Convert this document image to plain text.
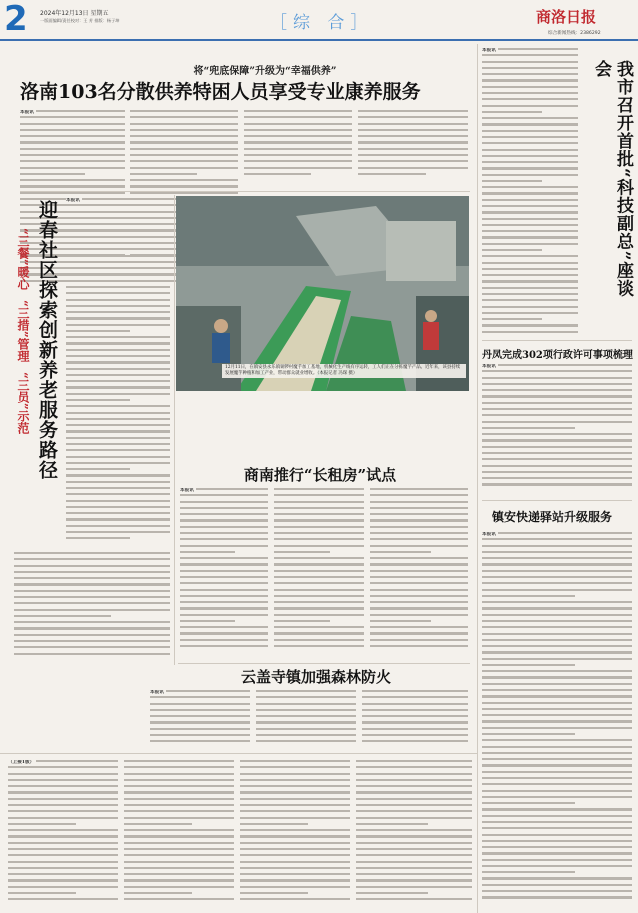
2 2024年12月13日 星期五
一版面编辑/责任校对：王 芳 排版：杨子坤	［综 合］	商洛日报
综合新闻热线：2386292
将“兜底保障”升级为“幸福供养”
洛南103名分散供养特困人员享受专业康养服务
本报讯
迎春社区探索创新养老服务路径
“三餐”暖心
“三措”管理
“三员”示范
本报讯
12月11日，在镇安县永乐镇铜锣村魔芋加工基地，机械化生产线有序运转，工人们正在分拣魔芋产品。近年来，该县持续发展魔芋种植和加工产业，带动群众就业增收。（本报记者 冯琛 摄）
商南推行“长租房”试点
本报讯
云盖寺镇加强森林防火
本报讯
本报讯
我市召开首批“科技副总”座谈会
丹凤完成302项行政许可事项梳理
本报讯
镇安快递驿站升级服务
本报讯
（上接1版）
